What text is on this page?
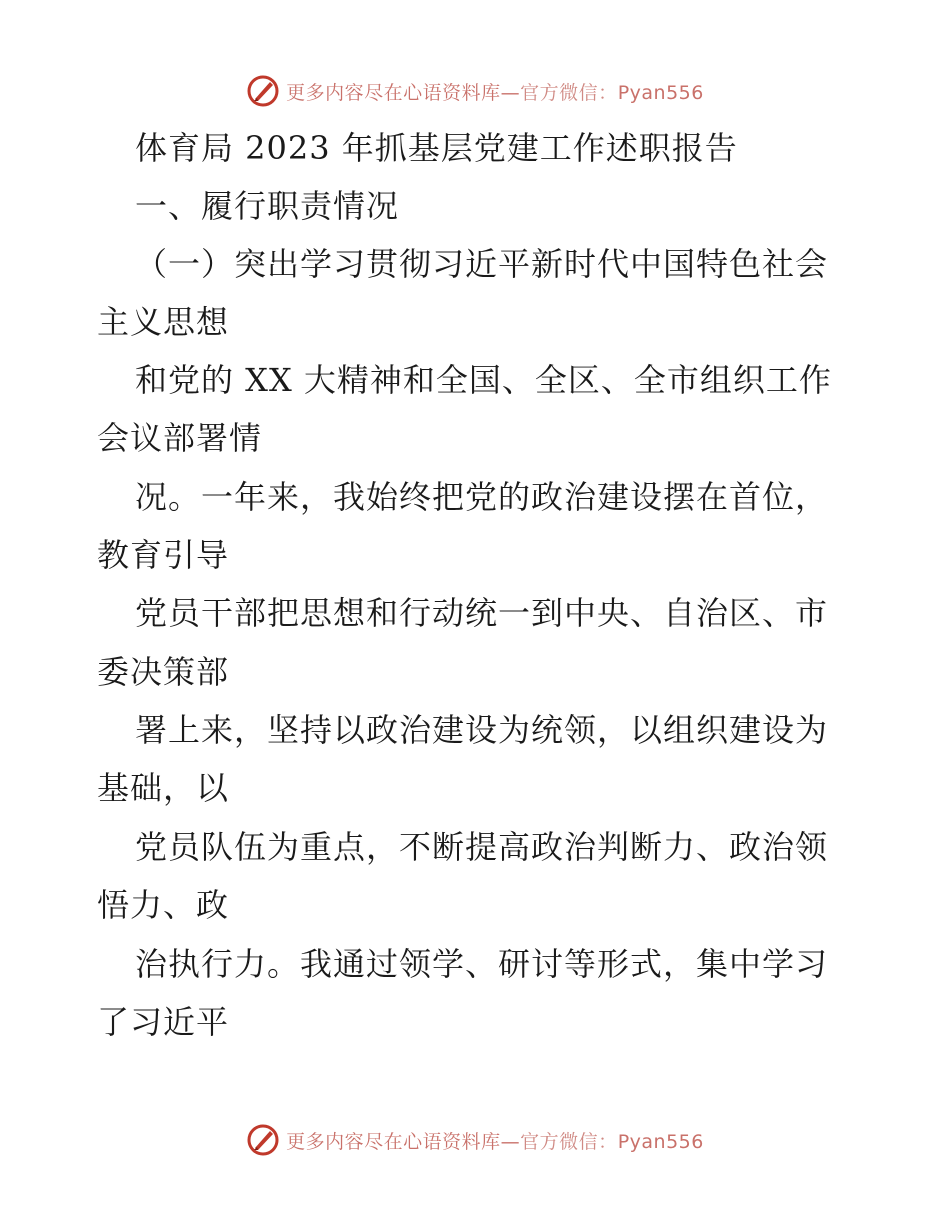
更多内容尽在心语资料库—官方微信：Pyan556
体育局 2023 年抓基层党建工作述职报告
一、履行职责情况
（一）突出学习贯彻习近平新时代中国特色社会
主义思想
和党的 XX 大精神和全国、全区、全市组织工作
会议部署情
况。一年来，我始终把党的政治建设摆在首位，
教育引导
党员干部把思想和行动统一到中央、自治区、市
委决策部
署上来，坚持以政治建设为统领，以组织建设为
基础，以
党员队伍为重点，不断提高政治判断力、政治领
悟力、政
治执行力。我通过领学、研讨等形式，集中学习
了习近平
更多内容尽在心语资料库—官方微信：Pyan556
